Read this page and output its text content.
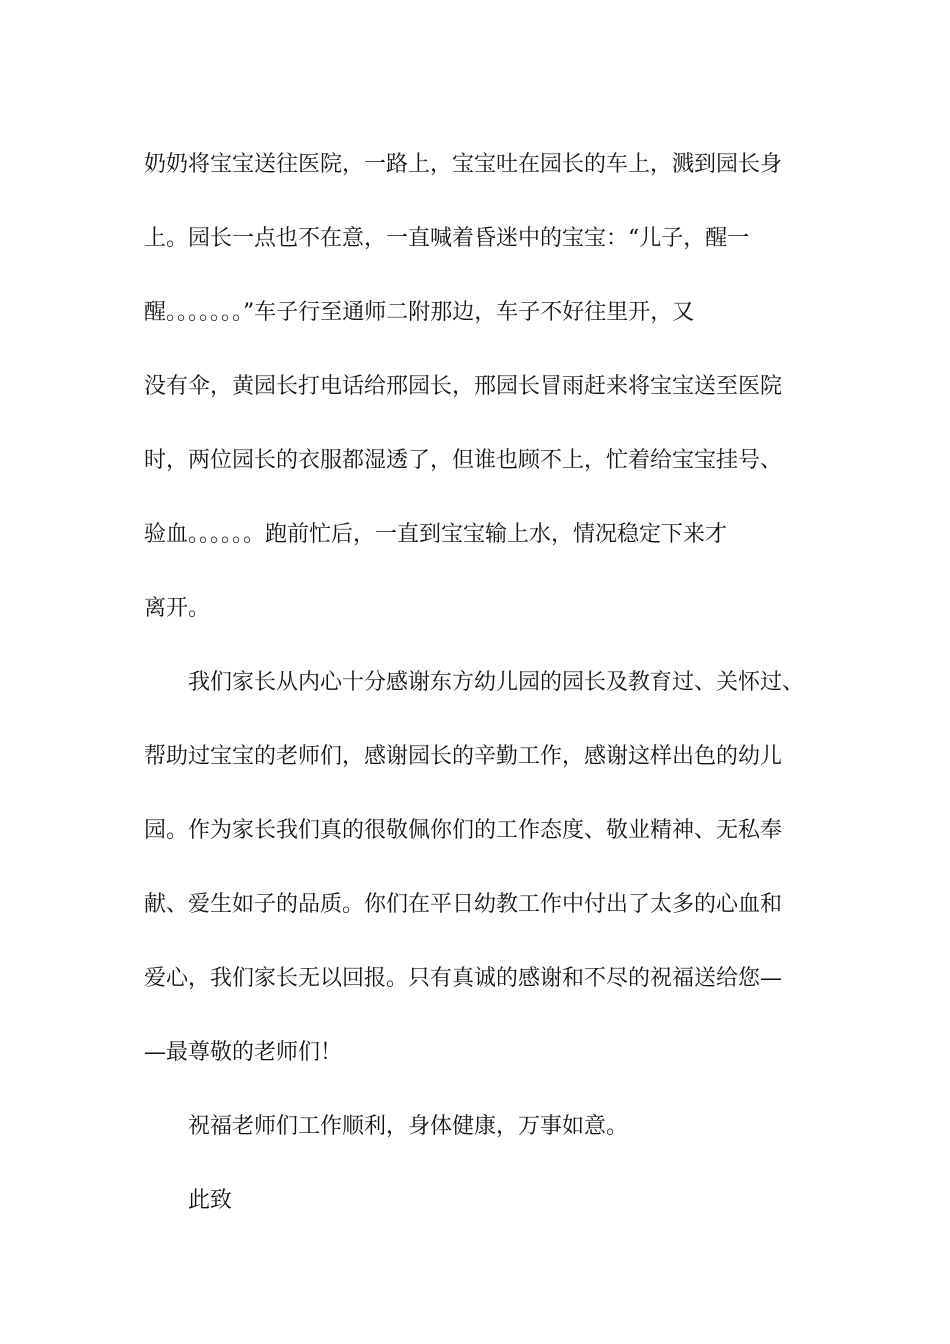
奶奶将宝宝送往医院，一路上，宝宝吐在园长的车上，溅到园长身
上。园长一点也不在意，一直喊着昏迷中的宝宝：“儿子，醒一
醒。。。。。。。”车子行至通师二附那边，车子不好往里开，又
没有伞，黄园长打电话给邢园长，邢园长冒雨赶来将宝宝送至医院
时，两位园长的衣服都湿透了，但谁也顾不上，忙着给宝宝挂号、
验血。。。。。。跑前忙后，一直到宝宝输上水，情况稳定下来才
离开。

我们家长从内心十分感谢东方幼儿园的园长及教育过、关怀过、
帮助过宝宝的老师们，感谢园长的辛勤工作，感谢这样出色的幼儿
园。作为家长我们真的很敬佩你们的工作态度、敬业精神、无私奉
献、爱生如子的品质。你们在平日幼教工作中付出了太多的心血和
爱心，我们家长无以回报。只有真诚的感谢和不尽的祝福送给您—
—最尊敬的老师们！

祝福老师们工作顺利，身体健康，万事如意。

此致
